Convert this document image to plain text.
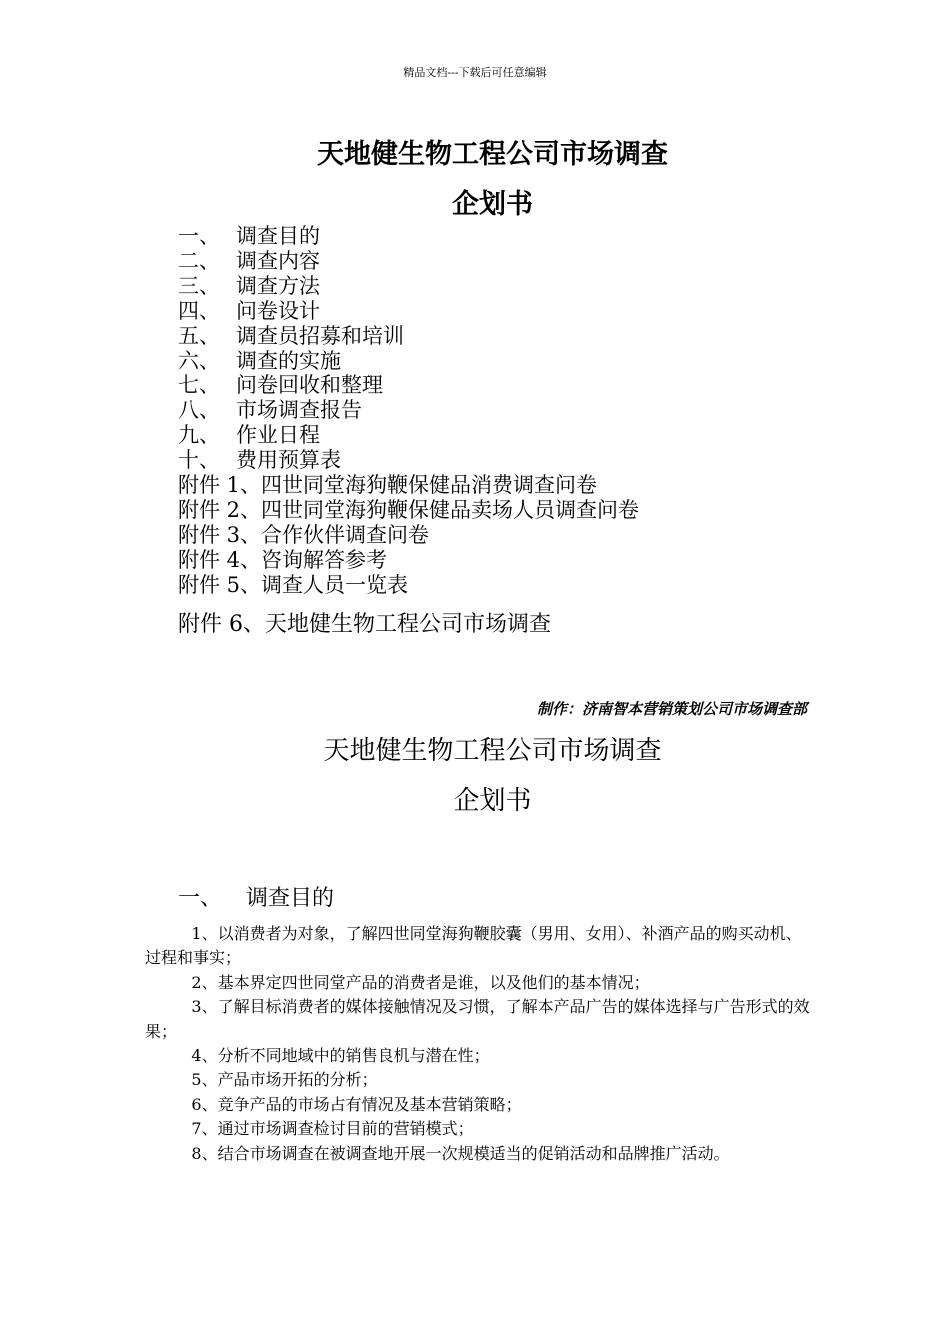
精品文档---下载后可任意编辑
天地健生物工程公司市场调查
企划书
一、 调查目的
二、 调查内容
三、 调查方法
四、 问卷设计
五、 调查员招募和培训
六、 调查的实施
七、 问卷回收和整理
八、 市场调查报告
九、 作业日程
十、 费用预算表
附件 1、四世同堂海狗鞭保健品消费调查问卷
附件 2、四世同堂海狗鞭保健品卖场人员调查问卷
附件 3、合作伙伴调查问卷
附件 4、咨询解答参考
附件 5、调查人员一览表
附件 6、天地健生物工程公司市场调查
制作：济南智本营销策划公司市场调查部
天地健生物工程公司市场调查
企划书
一、 调查目的

1、以消费者为对象，了解四世同堂海狗鞭胶囊（男用、女用）、补酒产品的购买动机、过程和事实；

2、基本界定四世同堂产品的消费者是谁，以及他们的基本情况；

3、了解目标消费者的媒体接触情况及习惯，了解本产品广告的媒体选择与广告形式的效果；

4、分析不同地域中的销售良机与潜在性；

5、产品市场开拓的分析；

6、竞争产品的市场占有情况及基本营销策略；

7、通过市场调查检讨目前的营销模式；

8、结合市场调查在被调查地开展一次规模适当的促销活动和品牌推广活动。
